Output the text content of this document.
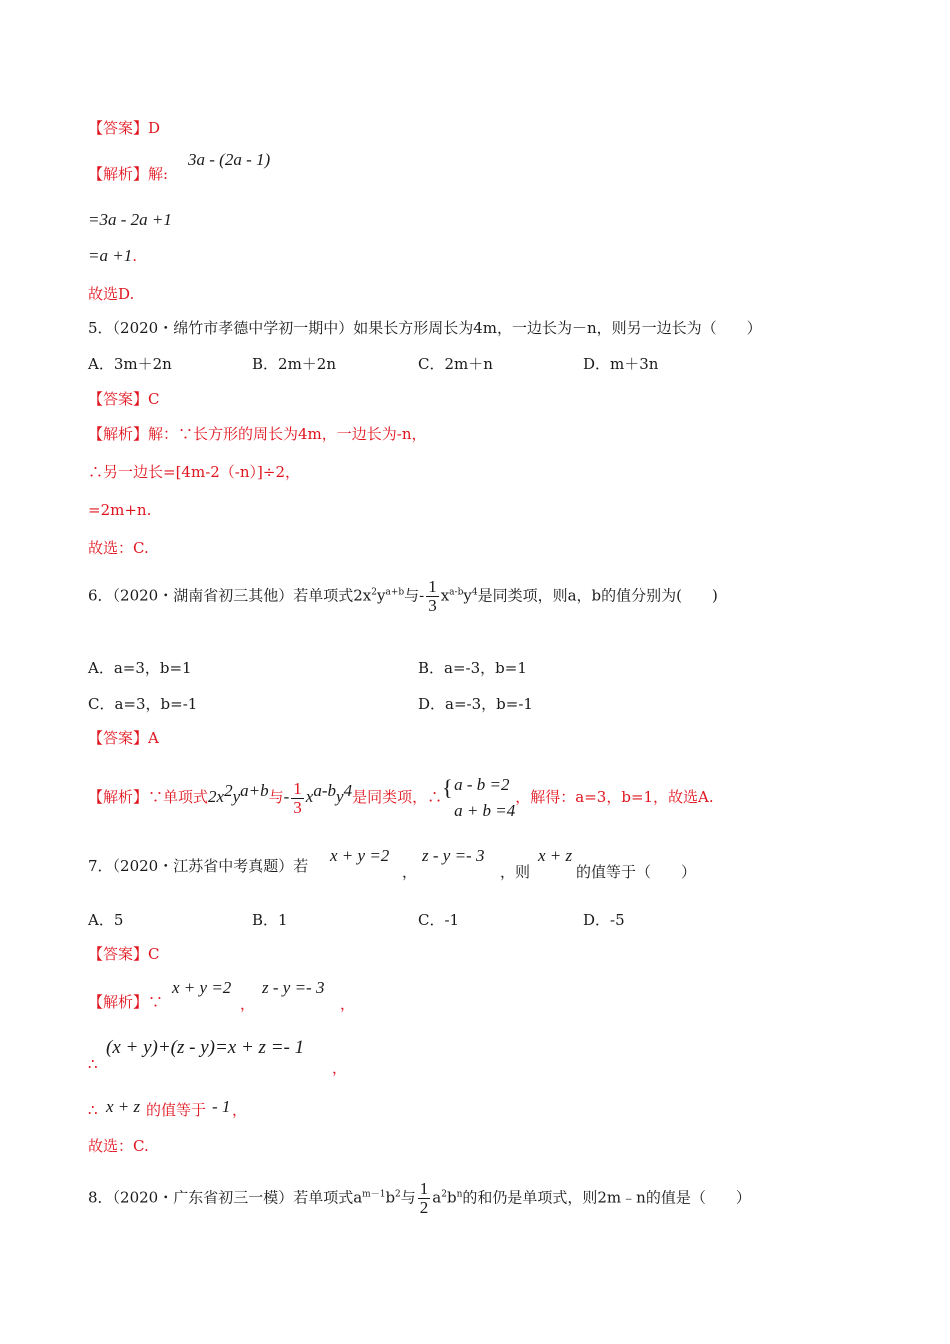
【答案】D
【解析】解:
3a - (2a - 1)
=3a - 2a +1
=a +1.
故选D.
5．（2020・绵竹市孝德中学初一期中）如果长方形周长为4m，一边长为－n，则另一边长为（　　）
A．3m＋2n	B．2m＋2n	C．2m＋n	D．m＋3n
【答案】C
【解析】解：∵长方形的周长为4m，一边长为-n，
∴另一边长=[4m-2（-n）]÷2，
=2m+n.
故选：C.
6．（2020・湖南省初三其他）若单项式$2x^2y^{a+b}$与- $\frac{1}{3} x^{a-b}y^4$是同类项，则a，b的值分别为(　　)
A．a=3，b=1	B．a=-3，b=1
C．a=3，b=-1	D．a=-3，b=-1
【答案】A
【解析】∵单项式$2x^2y^{a+b}$与- $\frac{1}{3} x^{a-b}y^4$是同类项，∴ { a - b =2
a + b =4
，解得：a=3，b=1，故选A.
7．（2020・江苏省中考真题）若
x + y =2
，
z - y =- 3
，则
x + z
的值等于（　　）
A．5	B．1	C．-1	D．-5
【答案】C
【解析】∵
x + y =2
，
z - y =- 3
，
∴
(x + y)+(z - y)=x + z =- 1
，
∴ x + z 的值等于 - 1 ，
故选：C.
8．（2020・广东省初三一模）若单项式$a^{m-1}b^2$与 $\frac{1}{2} a^2b^n$的和仍是单项式，则2m﹣n的值是（　　）
